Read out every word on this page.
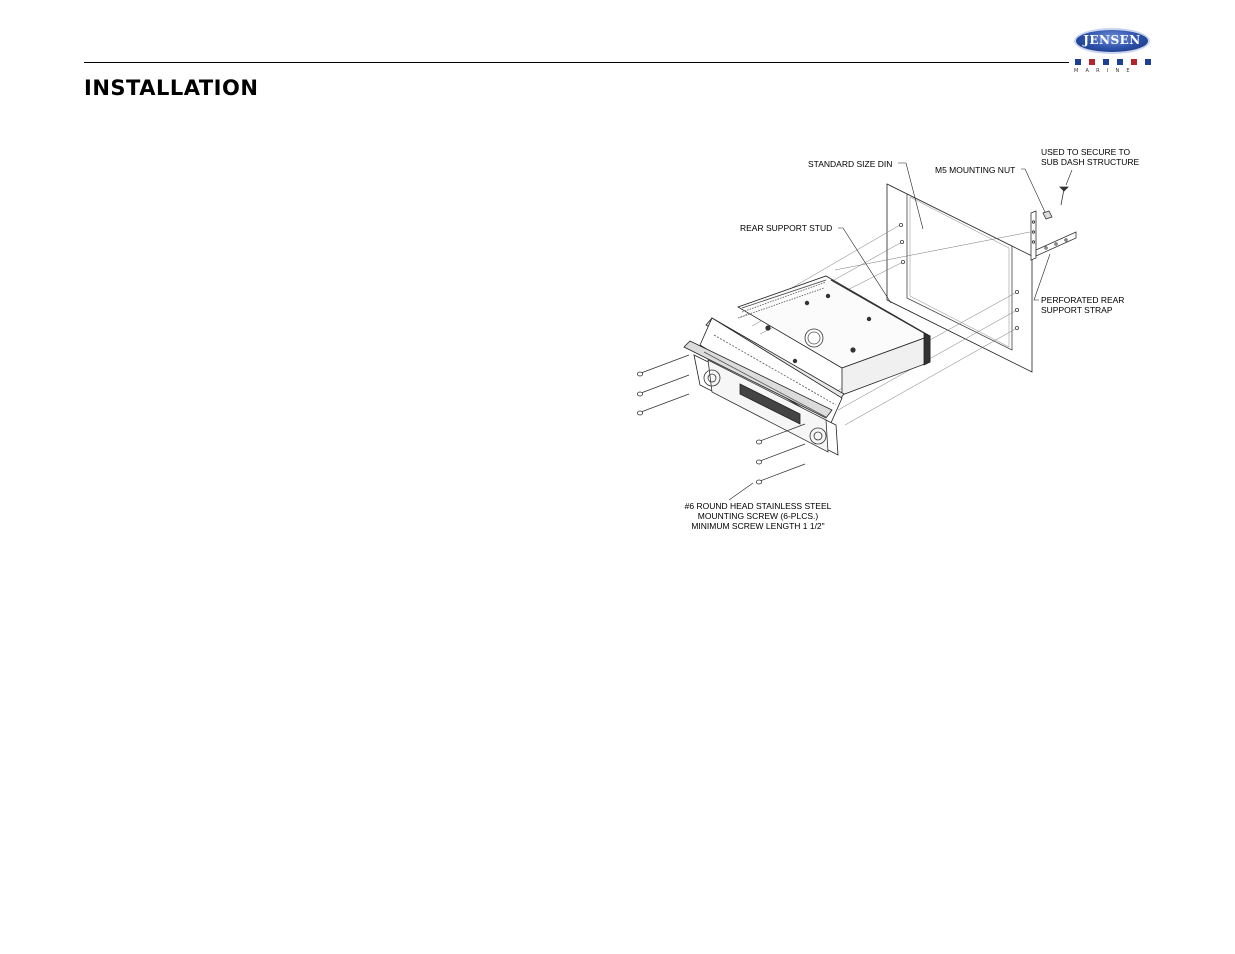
INSTALLATION
JENSEN
MARINE
STANDARD SIZE DIN
M5 MOUNTING NUT
USED TO SECURE TO
SUB DASH STRUCTURE
REAR SUPPORT STUD
PERFORATED REAR
SUPPORT STRAP
#6 ROUND HEAD STAINLESS STEEL
MOUNTING SCREW (6-PLCS.)
MINIMUM SCREW LENGTH 1 1/2"
